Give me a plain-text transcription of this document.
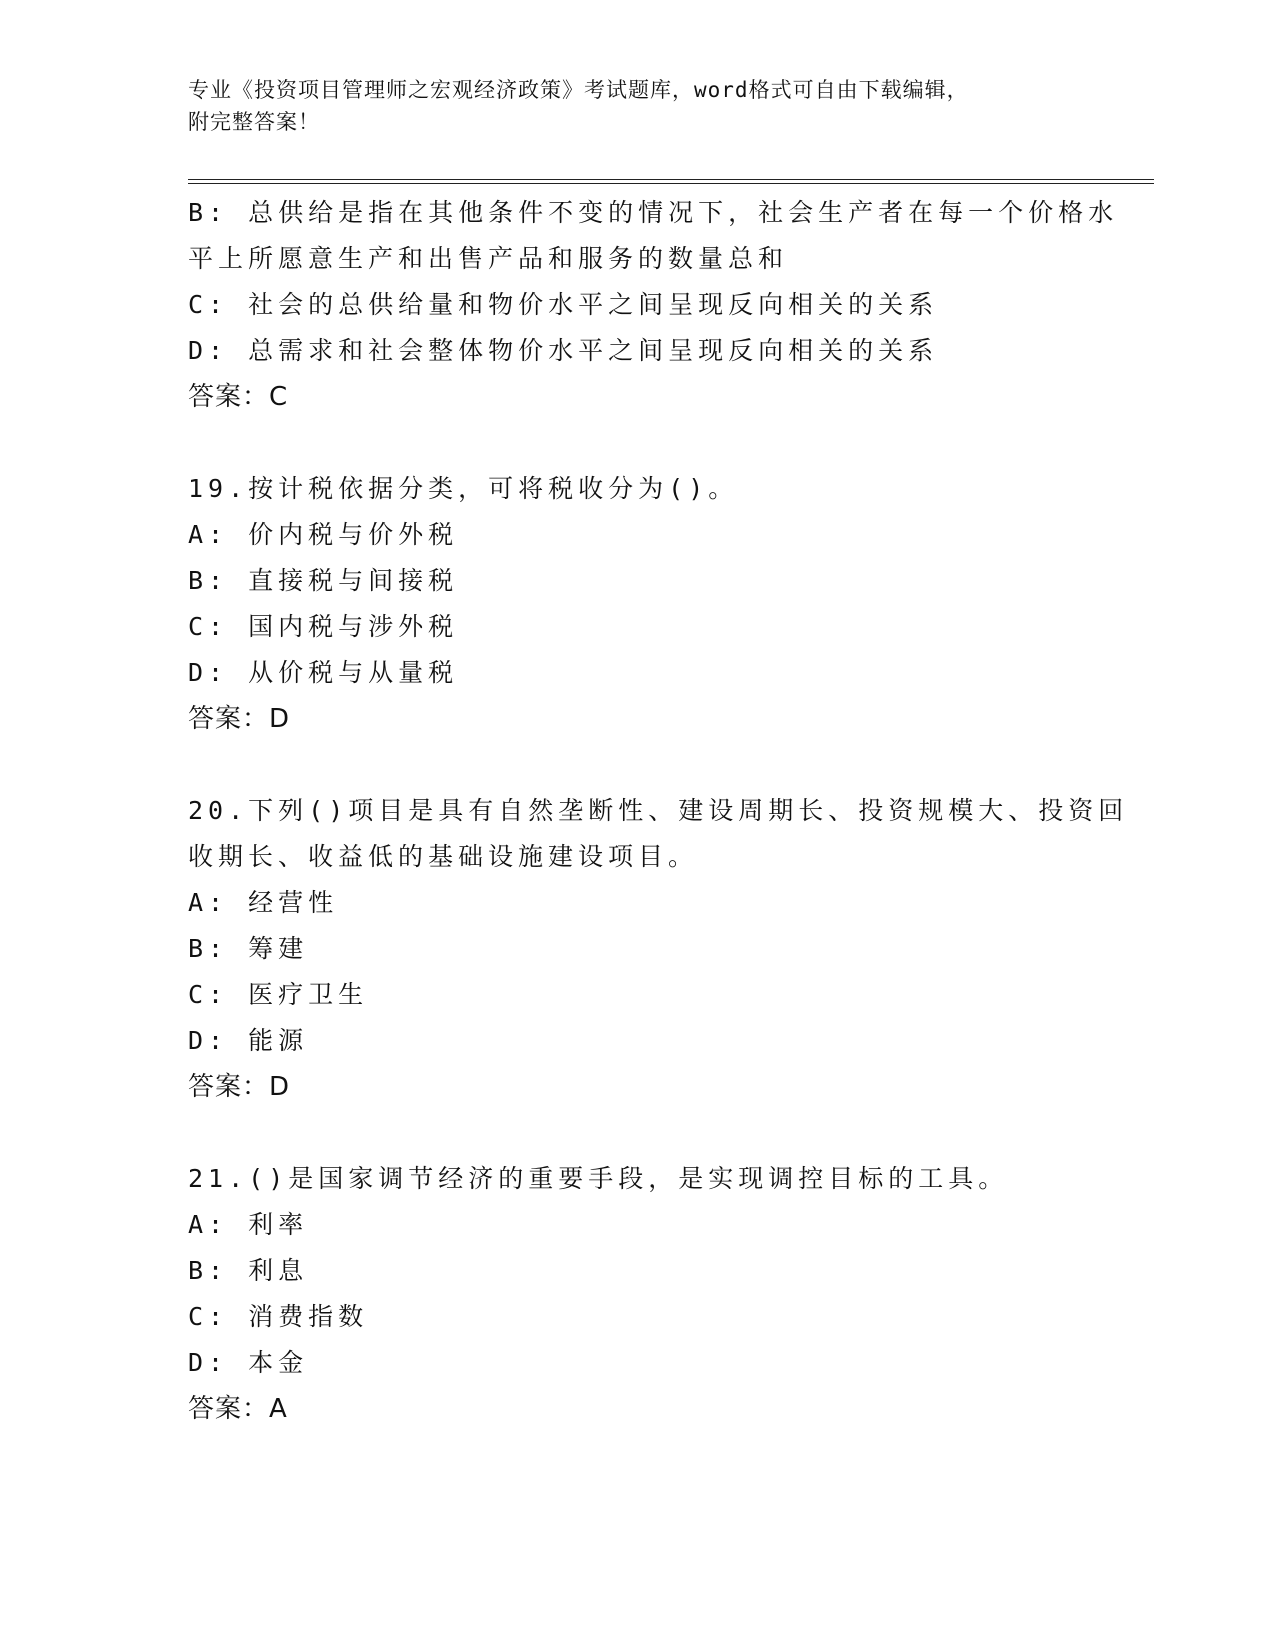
专业《投资项目管理师之宏观经济政策》考试题库，word格式可自由下载编辑，
附完整答案！
B: 总供给是指在其他条件不变的情况下，社会生产者在每一个价格水
平上所愿意生产和出售产品和服务的数量总和
C: 社会的总供给量和物价水平之间呈现反向相关的关系
D: 总需求和社会整体物价水平之间呈现反向相关的关系
答案：C
19.按计税依据分类，可将税收分为()。
A: 价内税与价外税
B: 直接税与间接税
C: 国内税与涉外税
D: 从价税与从量税
答案：D
20.下列()项目是具有自然垄断性、建设周期长、投资规模大、投资回
收期长、收益低的基础设施建设项目。
A: 经营性
B: 筹建
C: 医疗卫生
D: 能源
答案：D
21.()是国家调节经济的重要手段，是实现调控目标的工具。
A: 利率
B: 利息
C: 消费指数
D: 本金
答案：A
